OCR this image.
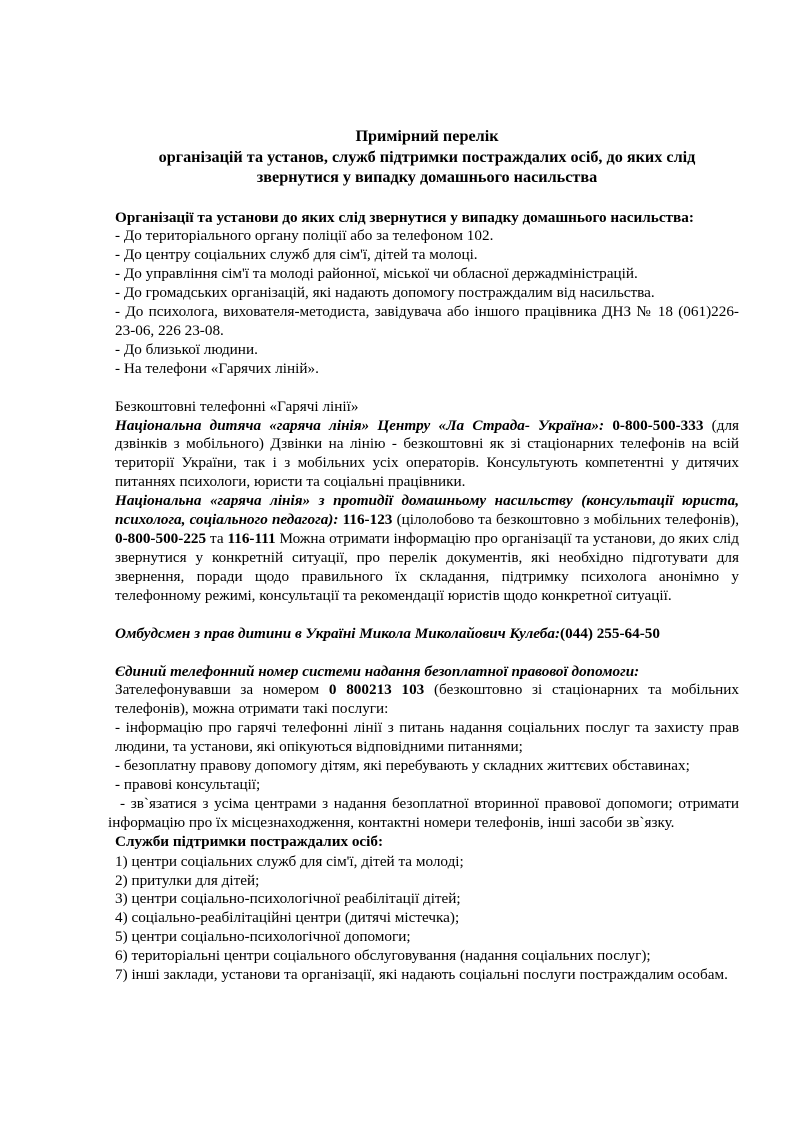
Примірний перелік
організацій та установ, служб підтримки постраждалих осіб, до яких слід
звернутися у випадку домашнього насильства
Організації та установи до яких слід звернутися у випадку домашнього насильства:
- До територіального органу поліції або за телефоном 102.
- До центру соціальних служб для сім'ї, дітей та молоці.
- До управління сім'ї та молоді районної, міської чи обласної держадміністрацій.
- До громадських організацій, які надають допомогу постраждалим від насильства.
- До психолога, вихователя-методиста, завідувача або іншого працівника ДНЗ № 18 (061)226-23-06, 226 23-08.
- До близької людини.
- На телефони «Гарячих ліній».
Безкоштовні телефонні «Гарячі лінії»
Національна дитяча «гаряча лінія» Центру «Ла Страда- Україна»: 0-800-500-333 (для дзвінків з мобільного) Дзвінки на лінію - безкоштовні як зі стаціонарних телефонів на всій території України, так і з мобільних усіх операторів. Консультують компетентні у дитячих питаннях психологи, юристи та соціальні працівники.
Національна «гаряча лінія» з протидії домашньому насильству (консультації юриста, психолога, соціального педагога): 116-123 (цілолобово та безкоштовно з мобільних телефонів), 0-800-500-225 та 116-111 Можна отримати інформацію про організації та установи, до яких слід звернутися у конкретній ситуації, про перелік документів, які необхідно підготувати для звернення, поради щодо правильного їх складання, підтримку психолога анонімно у телефонному режимі, консультації та рекомендації юристів щодо конкретної ситуації.
Омбудсмен з прав дитини в Україні Микола Миколайович Кулеба:(044) 255-64-50
Єдиний телефонний номер системи надання безоплатної правової допомоги:
Зателефонувавши за номером 0 800213 103 (безкоштовно зі стаціонарних та мобільних телефонів), можна отримати такі послуги:
- інформацію про гарячі телефонні лінії з питань надання соціальних послуг та захисту прав людини, та установи, які опікуються відповідними питаннями;
- безоплатну правову допомогу дітям, які перебувають у складних життєвих обставинах;
- правові консультації;
- зв`язатися з усіма центрами з надання безоплатної вторинної правової допомоги; отримати інформацію про їх місцезнаходження, контактні номери телефонів, інші засоби зв`язку.
Служби підтримки постраждалих осіб:
1) центри соціальних служб для сім'ї, дітей та молоді;
2) притулки для дітей;
3) центри соціально-психологічної реабілітації дітей;
4) соціально-реабілітаційні центри (дитячі містечка);
5) центри соціально-психологічної допомоги;
6) територіальні центри соціального обслуговування (надання соціальних послуг);
7) інші заклади, установи та організації, які надають соціальні послуги постраждалим особам.
